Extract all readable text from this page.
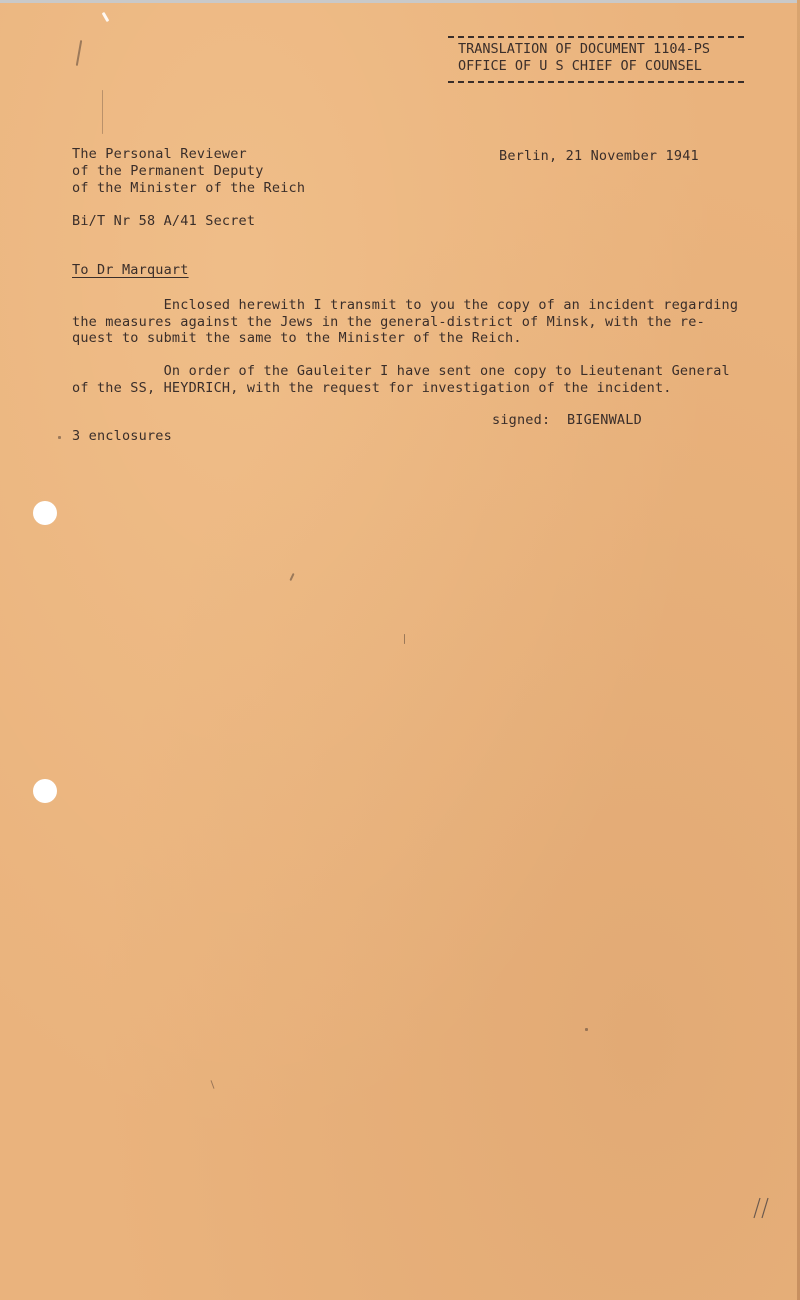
TRANSLATION OF DOCUMENT 1104-PS
OFFICE OF U S CHIEF OF COUNSEL
The Personal Reviewer
of the Permanent Deputy
of the Minister of the Reich
Berlin, 21 November 1941
Bi/T Nr 58 A/41 Secret
To Dr Marquart
Enclosed herewith I transmit to you the copy of an incident regarding
the measures against the Jews in the general-district of Minsk, with the re-
quest to submit the same to the Minister of the Reich.
On order of the Gauleiter I have sent one copy to Lieutenant General
of the SS, HEYDRICH, with the request for investigation of the incident.
signed:  BIGENWALD
3 enclosures
